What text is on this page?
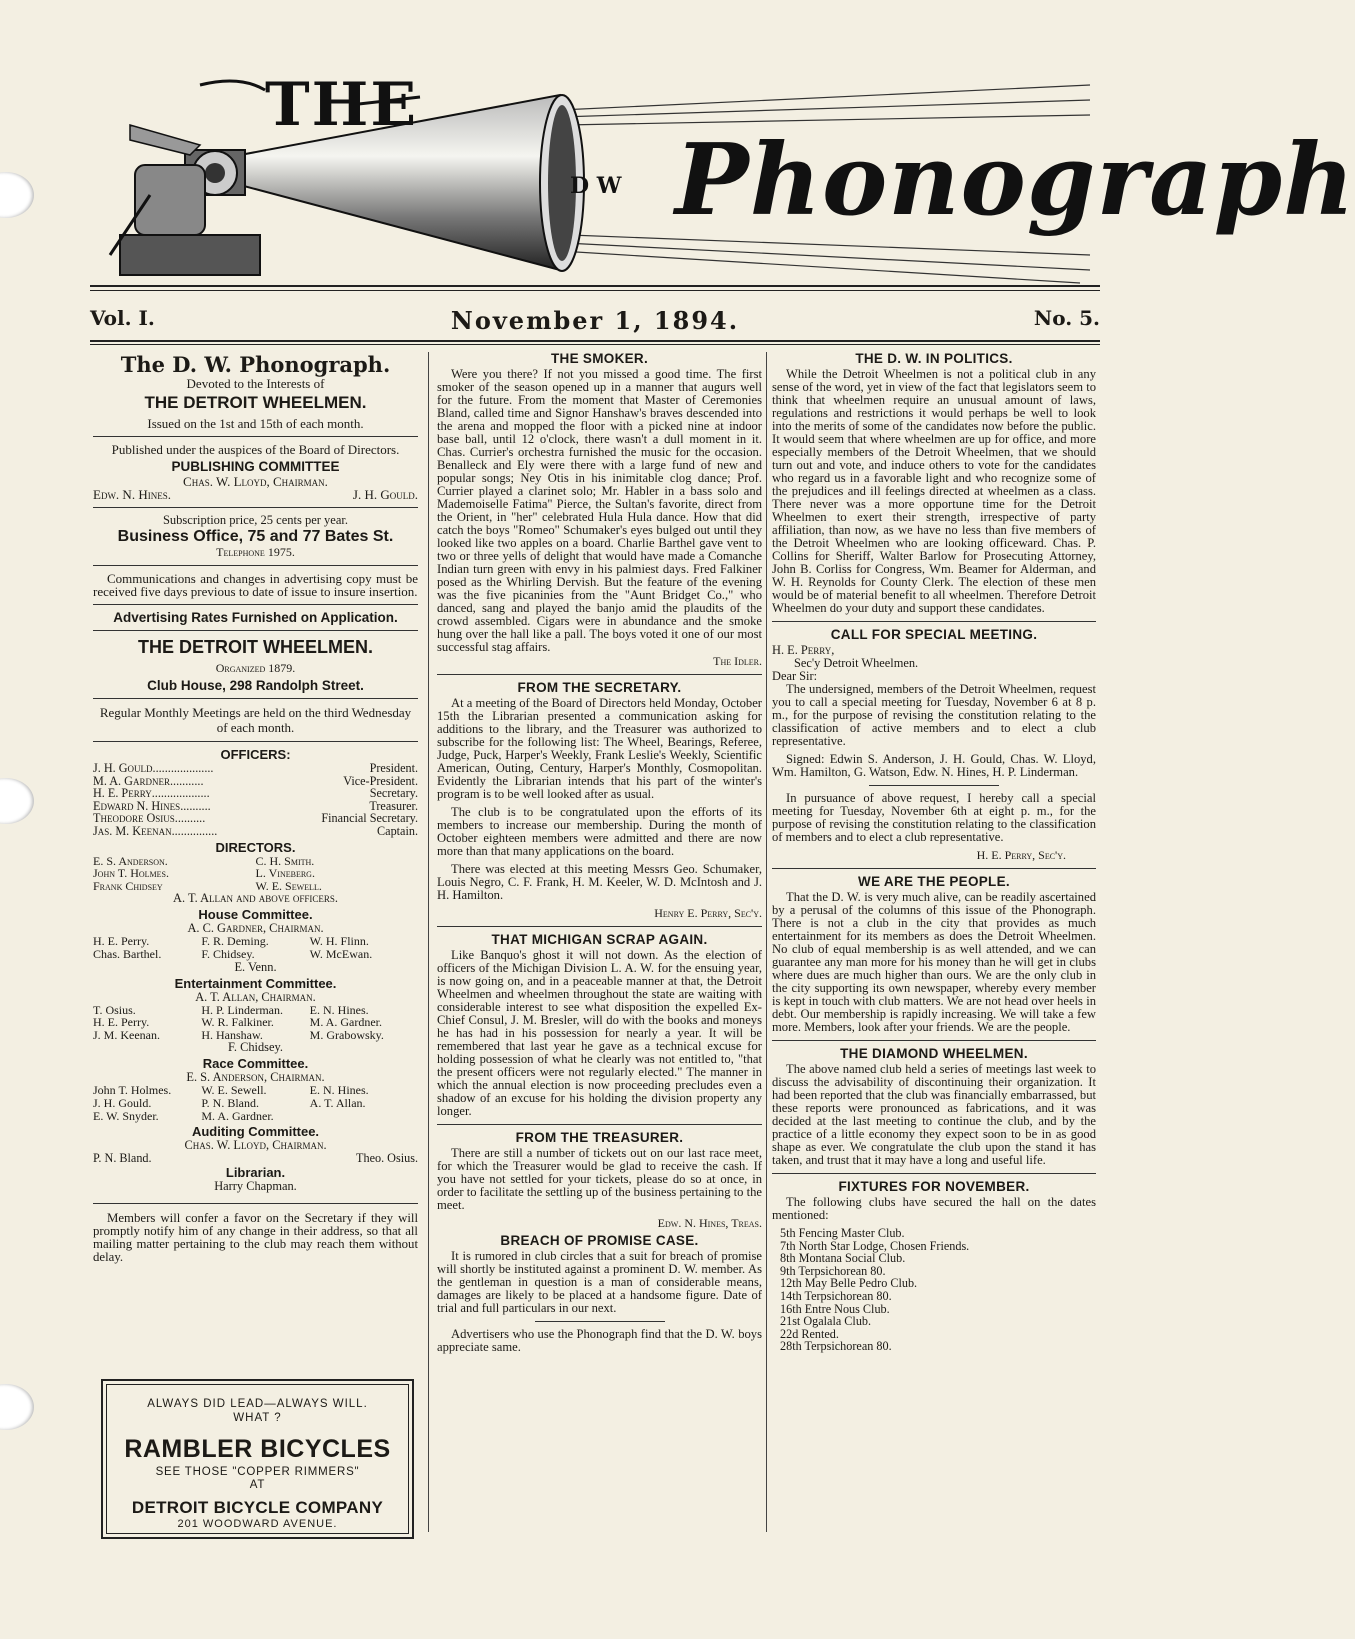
THE
D W Phonograph
Vol. I.	November 1, 1894.	No. 5.
The D. W. Phonograph.
Devoted to the Interests of
THE DETROIT WHEELMEN.
Issued on the 1st and 15th of each month.
Published under the auspices of the Board of Directors.
PUBLISHING COMMITTEE
Chas. W. Lloyd, Chairman.
Edw. N. Hines.	J. H. Gould.
Subscription price, 25 cents per year.
Business Office, 75 and 77 Bates St.
Telephone 1975.
Communications and changes in advertising copy must be received five days previous to date of issue to insure insertion.
Advertising Rates Furnished on Application.
THE DETROIT WHEELMEN.
Organized 1879.
Club House, 298 Randolph Street.
Regular Monthly Meetings are held on the third Wednesday of each month.
OFFICERS:
J. H. Gould ....................	President.
M. A. Gardner ...........	Vice-President.
H. E. Perry ...................	Secretary.
Edward N. Hines ..........	Treasurer.
Theodore Osius ..........	Financial Secretary.
Jas. M. Keenan ...............	Captain.
DIRECTORS.
E. S. Anderson.	C. H. Smith.
John T. Holmes.	L. Vineberg.
Frank Chidsey	W. E. Sewell.
A. T. Allan and above officers.
House Committee.
A. C. Gardner, Chairman.
H. E. Perry.	F. R. Deming.	W. H. Flinn.
Chas. Barthel.	F. Chidsey.	W. McEwan.
E. Venn.
Entertainment Committee.
A. T. Allan, Chairman.
T. Osius.	H. P. Linderman.	E. N. Hines.
H. E. Perry.	W. R. Falkiner.	M. A. Gardner.
J. M. Keenan.	H. Hanshaw.	M. Grabowsky.
F. Chidsey.
Race Committee.
E. S. Anderson, Chairman.
John T. Holmes.	W. E. Sewell.	E. N. Hines.
J. H. Gould.	P. N. Bland.	A. T. Allan.
E. W. Snyder.	M. A. Gardner.
Auditing Committee.
Chas. W. Lloyd, Chairman.
P. N. Bland.	Theo. Osius.
Librarian.
Harry Chapman.
Members will confer a favor on the Secretary if they will promptly notify him of any change in their address, so that all mailing matter pertaining to the club may reach them without delay.
ALWAYS DID LEAD—ALWAYS WILL.
WHAT ?
RAMBLER BICYCLES
SEE THOSE "COPPER RIMMERS"
AT
DETROIT BICYCLE COMPANY
201 WOODWARD AVENUE.
THE SMOKER.

Were you there? If not you missed a good time. The first smoker of the season opened up in a manner that augurs well for the future. From the moment that Master of Ceremonies Bland, called time and Signor Hanshaw's braves descended into the arena and mopped the floor with a picked nine at indoor base ball, until 12 o'clock, there wasn't a dull moment in it. Chas. Currier's orchestra furnished the music for the occasion. Benalleck and Ely were there with a large fund of new and popular songs; Ney Otis in his inimitable clog dance; Prof. Currier played a clarinet solo; Mr. Habler in a bass solo and Mademoiselle Fatima" Pierce, the Sultan's favorite, direct from the Orient, in "her" celebrated Hula Hula dance. How that did catch the boys "Romeo" Schumaker's eyes bulged out until they looked like two apples on a board. Charlie Barthel gave vent to two or three yells of delight that would have made a Comanche Indian turn green with envy in his palmiest days. Fred Falkiner posed as the Whirling Dervish. But the feature of the evening was the five picaninies from the "Aunt Bridget Co.," who danced, sang and played the banjo amid the plaudits of the crowd assembled. Cigars were in abundance and the smoke hung over the hall like a pall. The boys voted it one of our most successful stag affairs.

The Idler.
FROM THE SECRETARY.

At a meeting of the Board of Directors held Monday, October 15th the Librarian presented a communication asking for additions to the library, and the Treasurer was authorized to subscribe for the following list: The Wheel, Bearings, Referee, Judge, Puck, Harper's Weekly, Frank Leslie's Weekly, Scientific American, Outing, Century, Harper's Monthly, Cosmopolitan. Evidently the Librarian intends that his part of the winter's program is to be well looked after as usual.

The club is to be congratulated upon the efforts of its members to increase our membership. During the month of October eighteen members were admitted and there are now more than that many applications on the board.

There was elected at this meeting Messrs Geo. Schumaker, Louis Negro, C. F. Frank, H. M. Keeler, W. D. McIntosh and J. H. Hamilton.

Henry E. Perry, Sec'y.
THAT MICHIGAN SCRAP AGAIN.

Like Banquo's ghost it will not down. As the election of officers of the Michigan Division L. A. W. for the ensuing year, is now going on, and in a peaceable manner at that, the Detroit Wheelmen and wheelmen throughout the state are waiting with considerable interest to see what disposition the expelled Ex-Chief Consul, J. M. Bresler, will do with the books and moneys he has had in his possession for nearly a year. It will be remembered that last year he gave as a technical excuse for holding possession of what he clearly was not entitled to, "that the present officers were not regularly elected." The manner in which the annual election is now proceeding precludes even a shadow of an excuse for his holding the division property any longer.

FROM THE TREASURER.

There are still a number of tickets out on our last race meet, for which the Treasurer would be glad to receive the cash. If you have not settled for your tickets, please do so at once, in order to facilitate the settling up of the business pertaining to the meet.

Edw. N. Hines, Treas.
BREACH OF PROMISE CASE.

It is rumored in club circles that a suit for breach of promise will shortly be instituted against a prominent D. W. member. As the gentleman in question is a man of considerable means, damages are likely to be placed at a handsome figure. Date of trial and full particulars in our next.

Advertisers who use the Phonograph find that the D. W. boys appreciate same.

THE D. W. IN POLITICS.

While the Detroit Wheelmen is not a political club in any sense of the word, yet in view of the fact that legislators seem to think that wheelmen require an unusual amount of laws, regulations and restrictions it would perhaps be well to look into the merits of some of the candidates now before the public. It would seem that where wheelmen are up for office, and more especially members of the Detroit Wheelmen, that we should turn out and vote, and induce others to vote for the candidates who regard us in a favorable light and who recognize some of the prejudices and ill feelings directed at wheelmen as a class. There never was a more opportune time for the Detroit Wheelmen to exert their strength, irrespective of party affiliation, than now, as we have no less than five members of the Detroit Wheelmen who are looking officeward. Chas. P. Collins for Sheriff, Walter Barlow for Prosecuting Attorney, John B. Corliss for Congress, Wm. Beamer for Alderman, and W. H. Reynolds for County Clerk. The election of these men would be of material benefit to all wheelmen. Therefore Detroit Wheelmen do your duty and support these candidates.

CALL FOR SPECIAL MEETING.
H. E. Perry,
Sec'y Detroit Wheelmen.
Dear Sir:

The undersigned, members of the Detroit Wheelmen, request you to call a special meeting for Tuesday, November 6 at 8 p. m., for the purpose of revising the constitution relating to the classification of active members and to elect a club representative.

Signed: Edwin S. Anderson, J. H. Gould, Chas. W. Lloyd, Wm. Hamilton, G. Watson, Edw. N. Hines, H. P. Linderman.

In pursuance of above request, I hereby call a special meeting for Tuesday, November 6th at eight p. m., for the purpose of revising the constitution relating to the classification of members and to elect a club representative.

H. E. Perry, Sec'y.
WE ARE THE PEOPLE.

That the D. W. is very much alive, can be readily ascertained by a perusal of the columns of this issue of the Phonograph. There is not a club in the city that provides as much entertainment for its members as does the Detroit Wheelmen. No club of equal membership is as well attended, and we can guarantee any man more for his money than he will get in clubs where dues are much higher than ours. We are the only club in the city supporting its own newspaper, whereby every member is kept in touch with club matters. We are not head over heels in debt. Our membership is rapidly increasing. We will take a few more. Members, look after your friends. We are the people.

THE DIAMOND WHEELMEN.

The above named club held a series of meetings last week to discuss the advisability of discontinuing their organization. It had been reported that the club was financially embarrassed, but these reports were pronounced as fabrications, and it was decided at the last meeting to continue the club, and by the practice of a little economy they expect soon to be in as good shape as ever. We congratulate the club upon the stand it has taken, and trust that it may have a long and useful life.

FIXTURES FOR NOVEMBER.

The following clubs have secured the hall on the dates mentioned:

5th Fencing Master Club.
7th North Star Lodge, Chosen Friends.
8th Montana Social Club.
9th Terpsichorean 80.
12th May Belle Pedro Club.
14th Terpsichorean 80.
16th Entre Nous Club.
21st Ogalala Club.
22d Rented.
28th Terpsichorean 80.
